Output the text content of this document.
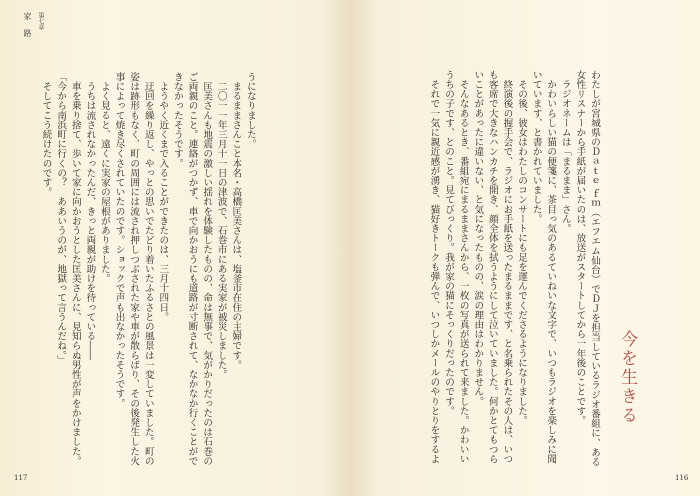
第七章
家路
わたしが宮城県のＤａｔｅ ｆｍ（エフエム仙台）でＤＪを担当しているラジオ番組に、ある
女性リスナーから手紙が届いたのは、放送がスタートしてから一年後のことです。
　ラジオネームは「まるまま」さん。
　かわいらしい猫の便箋に、茶目っ気のあるていねいな文字で、いつもラジオを楽しみに聞
いています、と書かれていました。
　その後、彼女はわたしのコンサートにも足を運んでくださるようになりました。
　終演後の握手会で、ラジオにお手紙を送ったまるままです、と名乗られたその人は、いつ
も客席で大きなハンカチを開き、顔全体を拭うようにして泣いていました。何かとてもつら
いことがあったに違いない、と気になったものの、涙の理由はわかりません。
　そんなあるとき、番組宛にまるままさんから、一枚の写真が送られて来ました。かわいい
うちの子です、とのこと。見てびっくり。我が家の猫にそっくりだったのです。
　それで一気に親近感が湧き、猫好きトークも弾んで、いつしかメールのやりとりをするよ
うになりました。
　まるままさんこと本名・高橋匡美さんは、塩釜市在住の主婦です。
　二〇一一年三月十一日の津波で、石巻市にある実家が被災しました。
　匡美さんも地震の激しい揺れを体験したものの、命は無事で、気がかりだったのは石巻の
ご両親のこと。連絡がつかず、車で向かおうにも道路が寸断されて、なかなか行くことがで
きなかったそうです。
　ようやく近くまで入ることができたのは、三月十四日。
　迂回を繰り返し、やっとの思いでたどり着いたふるさとの風景は一変していました。町の
姿は跡形もなく、町の周囲には流され押しつぶされた家や車が散らばり、その後発生した火
事によって焼き尽くされていたのです。ショックで声も出なかったそうです。
　よく見ると、遠くに実家の屋根がありました。
　うちは流されなかったんだ、きっと両親が助けを待っている――
　車を乗り捨て、歩いて家に向かおうとした匡美さんに、見知らぬ男性が声をかけました。
「今から南浜町に行くの？　ああいうのが、地獄って言うんだね。」
　そしてこう続けたのです。
今を生きる
117	116
